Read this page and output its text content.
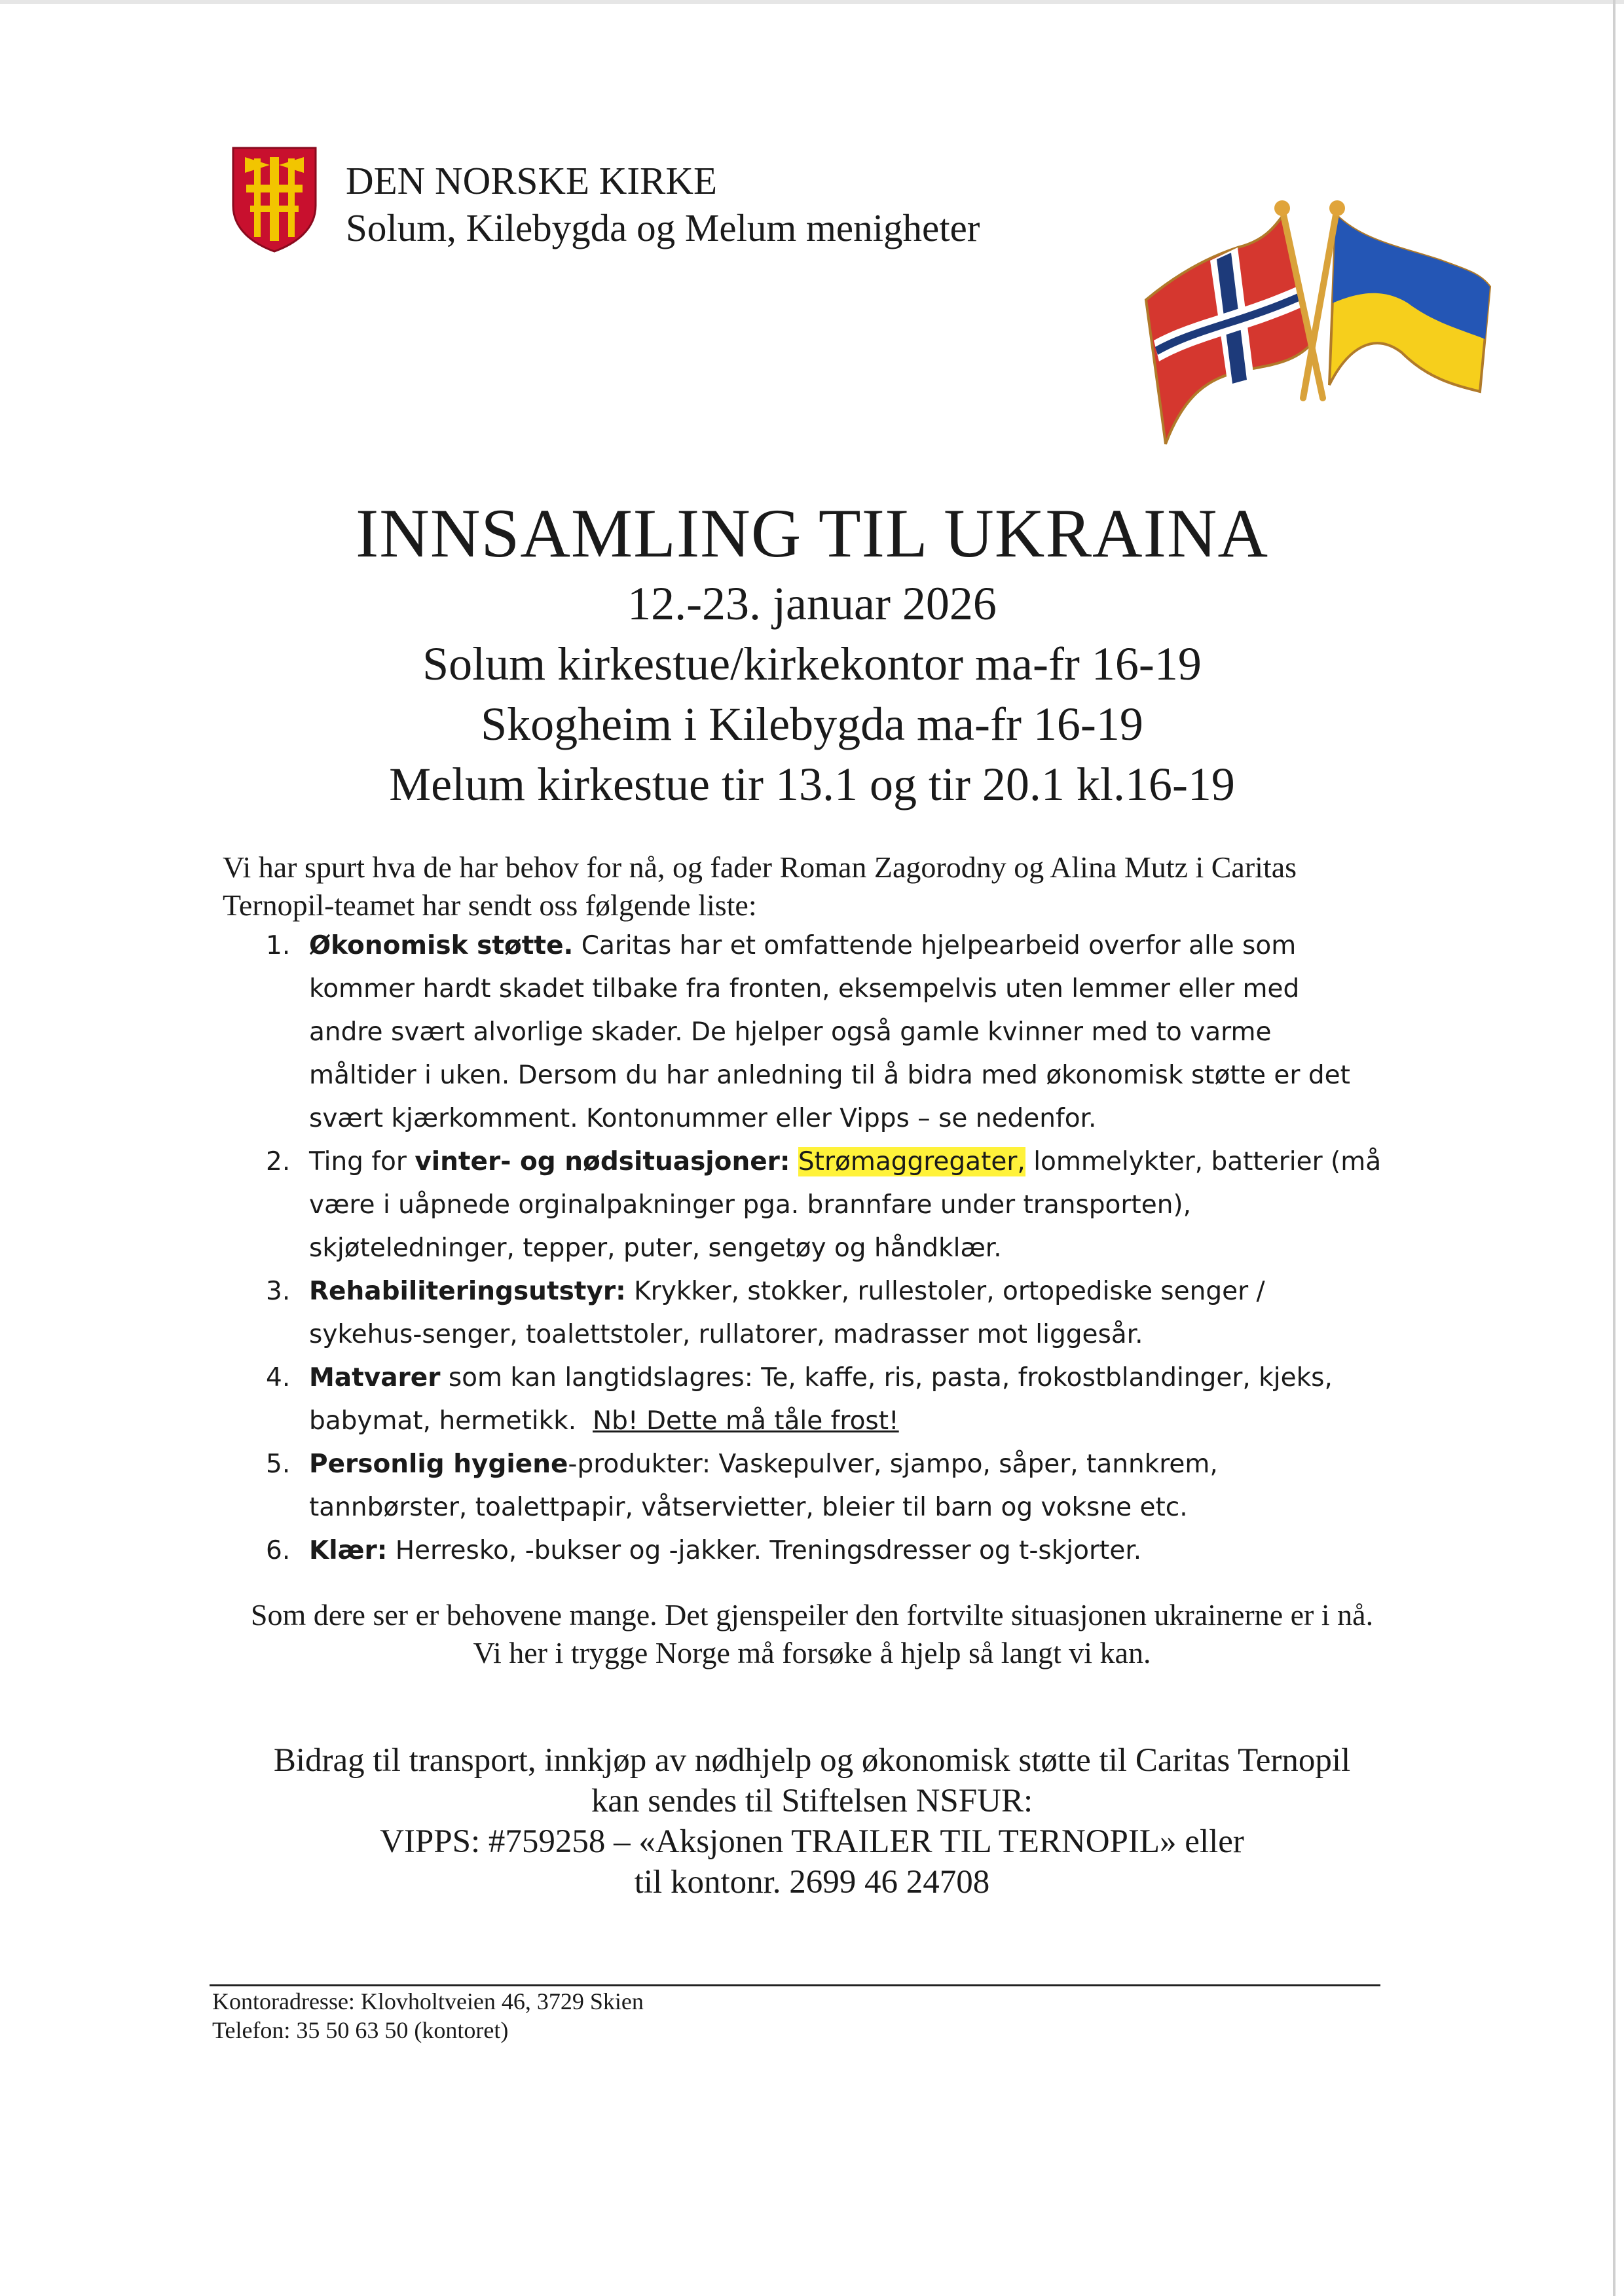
DEN NORSKE KIRKE
Solum, Kilebygda og Melum menigheter
INNSAMLING TIL UKRAINA
12.-23. januar 2026
Solum kirkestue/kirkekontor ma-fr 16-19
Skogheim i Kilebygda ma-fr 16-19
Melum kirkestue tir 13.1 og tir 20.1 kl.16-19
Vi har spurt hva de har behov for nå, og fader Roman Zagorodny og Alina Mutz i Caritas
Ternopil-teamet har sendt oss følgende liste:
1. Økonomisk støtte. Caritas har et omfattende hjelpearbeid overfor alle som
kommer hardt skadet tilbake fra fronten, eksempelvis uten lemmer eller med
andre svært alvorlige skader. De hjelper også gamle kvinner med to varme
måltider i uken. Dersom du har anledning til å bidra med økonomisk støtte er det
svært kjærkomment. Kontonummer eller Vipps – se nedenfor.
2. Ting for vinter- og nødsituasjoner: Strømaggregater, lommelykter, batterier (må
være i uåpnede orginalpakninger pga. brannfare under transporten),
skjøteledninger, tepper, puter, sengetøy og håndklær.
3. Rehabiliteringsutstyr: Krykker, stokker, rullestoler, ortopediske senger /
sykehus-senger, toalettstoler, rullatorer, madrasser mot liggesår.
4. Matvarer som kan langtidslagres: Te, kaffe, ris, pasta, frokostblandinger, kjeks,
babymat, hermetikk.  Nb! Dette må tåle frost!
5. Personlig hygiene-produkter: Vaskepulver, sjampo, såper, tannkrem,
tannbørster, toalettpapir, våtservietter, bleier til barn og voksne etc.
6. Klær: Herresko, -bukser og -jakker. Treningsdresser og t-skjorter.
Som dere ser er behovene mange. Det gjenspeiler den fortvilte situasjonen ukrainerne er i nå.
Vi her i trygge Norge må forsøke å hjelp så langt vi kan.
Bidrag til transport, innkjøp av nødhjelp og økonomisk støtte til Caritas Ternopil
kan sendes til Stiftelsen NSFUR:
VIPPS: #759258 – «Aksjonen TRAILER TIL TERNOPIL» eller
til kontonr. 2699 46 24708
Kontoradresse: Klovholtveien 46, 3729 Skien
Telefon: 35 50 63 50 (kontoret)
